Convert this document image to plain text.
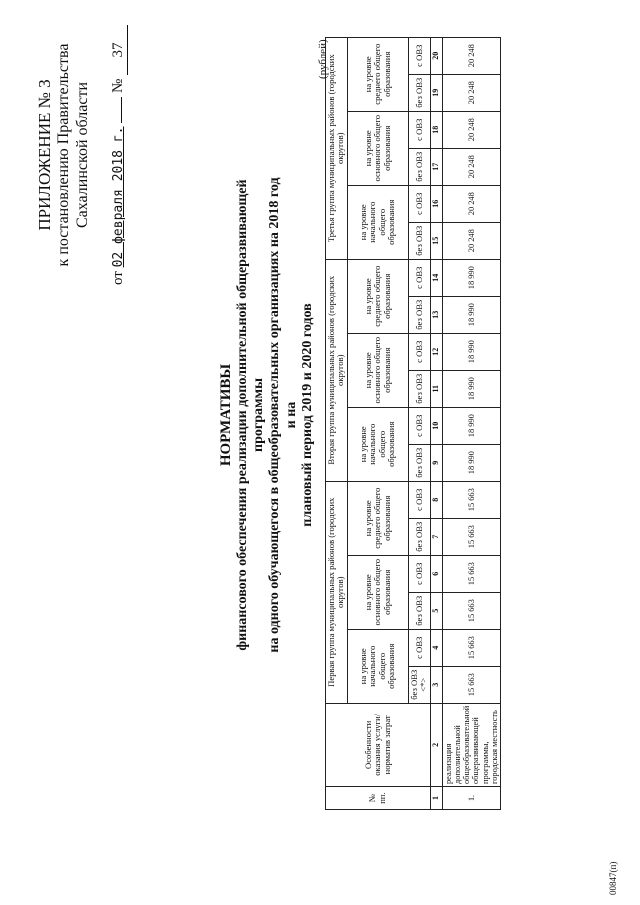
ПРИЛОЖЕНИЕ № 3 к постановлению Правительства Сахалинской области
от 02 февраля 2018 г.  № 37
НОРМАТИВЫ финансового обеспечения реализации дополнительной общеразвивающей программы на одного обучающегося в общеобразовательных организациях на 2018 год и на плановый период 2019 и 2020 годов
(рублей)
№ пп.	Особенности оказания услуги/ норматив затрат	Первая группа муниципальных районов (городских округов)						Вторая группа муниципальных районов (городских округов)						Третья группа муниципальных районов (городских округов)					
		на уровне начального общего образования		на уровне основного общего образования		на уровне среднего общего образования		на уровне начального общего образования		на уровне основного общего образования		на уровне среднего общего образования		на уровне начального общего образования		на уровне основного общего образования		на уровне среднего общего образования	
		без ОВЗ <*>	с ОВЗ	без ОВЗ	с ОВЗ	без ОВЗ	с ОВЗ	без ОВЗ	с ОВЗ	без ОВЗ	с ОВЗ	без ОВЗ	с ОВЗ	без ОВЗ	с ОВЗ	без ОВЗ	с ОВЗ	без ОВЗ	с ОВЗ
1	2	3	4	5	6	7	8	9	10	11	12	13	14	15	16	17	18	19	20
1.	реализация дополнительной общеобразовательной общеразвивающей программы, городская местность	15 663	15 663	15 663	15 663	15 663	15 663	18 990	18 990	18 990	18 990	18 990	18 990	20 248	20 248	20 248	20 248	20 248	20 248
00847(п)
